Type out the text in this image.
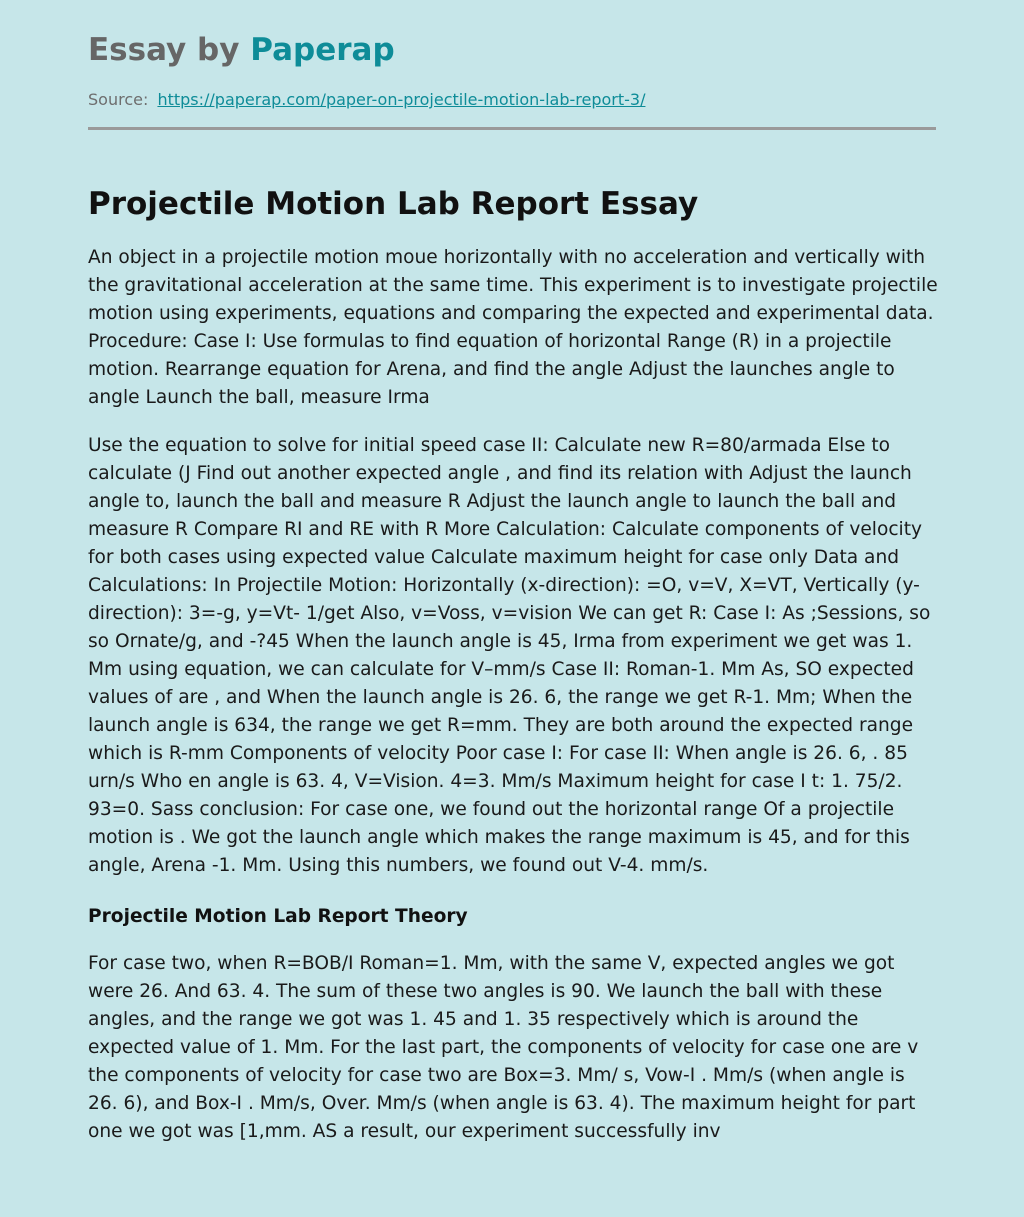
Essay by Paperap
Source: https://paperap.com/paper-on-projectile-motion-lab-report-3/
Projectile Motion Lab Report Essay

An object in a projectile motion moue horizontally with no acceleration and vertically with the gravitational acceleration at the same time. This experiment is to investigate projectile motion using experiments, equations and comparing the expected and experimental data. Procedure: Case I: Use formulas to find equation of horizontal Range (R) in a projectile motion. Rearrange equation for Arena, and find the angle Adjust the launches angle to angle Launch the ball, measure Irma

Use the equation to solve for initial speed case II: Calculate new R=80/armada Else to calculate (J Find out another expected angle , and find its relation with Adjust the launch angle to, launch the ball and measure R Adjust the launch angle to launch the ball and measure R Compare RI and RE with R More Calculation: Calculate components of velocity for both cases using expected value Calculate maximum height for case only Data and Calculations: In Projectile Motion: Horizontally (x-direction): =O, v=V, X=VT, Vertically (y-direction): 3=-g, y=Vt- 1/get Also, v=Voss, v=vision We can get R: Case I: As ;Sessions, so so Ornate/g, and -?45 When the launch angle is 45, Irma from experiment we get was 1. Mm using equation, we can calculate for V–mm/s Case II: Roman-1. Mm As, SO expected values of are , and When the launch angle is 26. 6, the range we get R-1. Mm; When the launch angle is 634, the range we get R=mm. They are both around the expected range which is R-mm Components of velocity Poor case I: For case II: When angle is 26. 6, . 85 urn/s Who en angle is 63. 4, V=Vision. 4=3. Mm/s Maximum height for case I t: 1. 75/2. 93=0. Sass conclusion: For case one, we found out the horizontal range Of a projectile motion is . We got the launch angle which makes the range maximum is 45, and for this angle, Arena -1. Mm. Using this numbers, we found out V-4. mm/s.

Projectile Motion Lab Report Theory

For case two, when R=BOB/I Roman=1. Mm, with the same V, expected angles we got were 26. And 63. 4. The sum of these two angles is 90. We launch the ball with these angles, and the range we got was 1. 45 and 1. 35 respectively which is around the expected value of 1. Mm. For the last part, the components of velocity for case one are v the components of velocity for case two are Box=3. Mm/ s, Vow-I . Mm/s (when angle is 26. 6), and Box-I . Mm/s, Over. Mm/s (when angle is 63. 4). The maximum height for part one we got was [1,mm. AS a result, our experiment successfully inv
